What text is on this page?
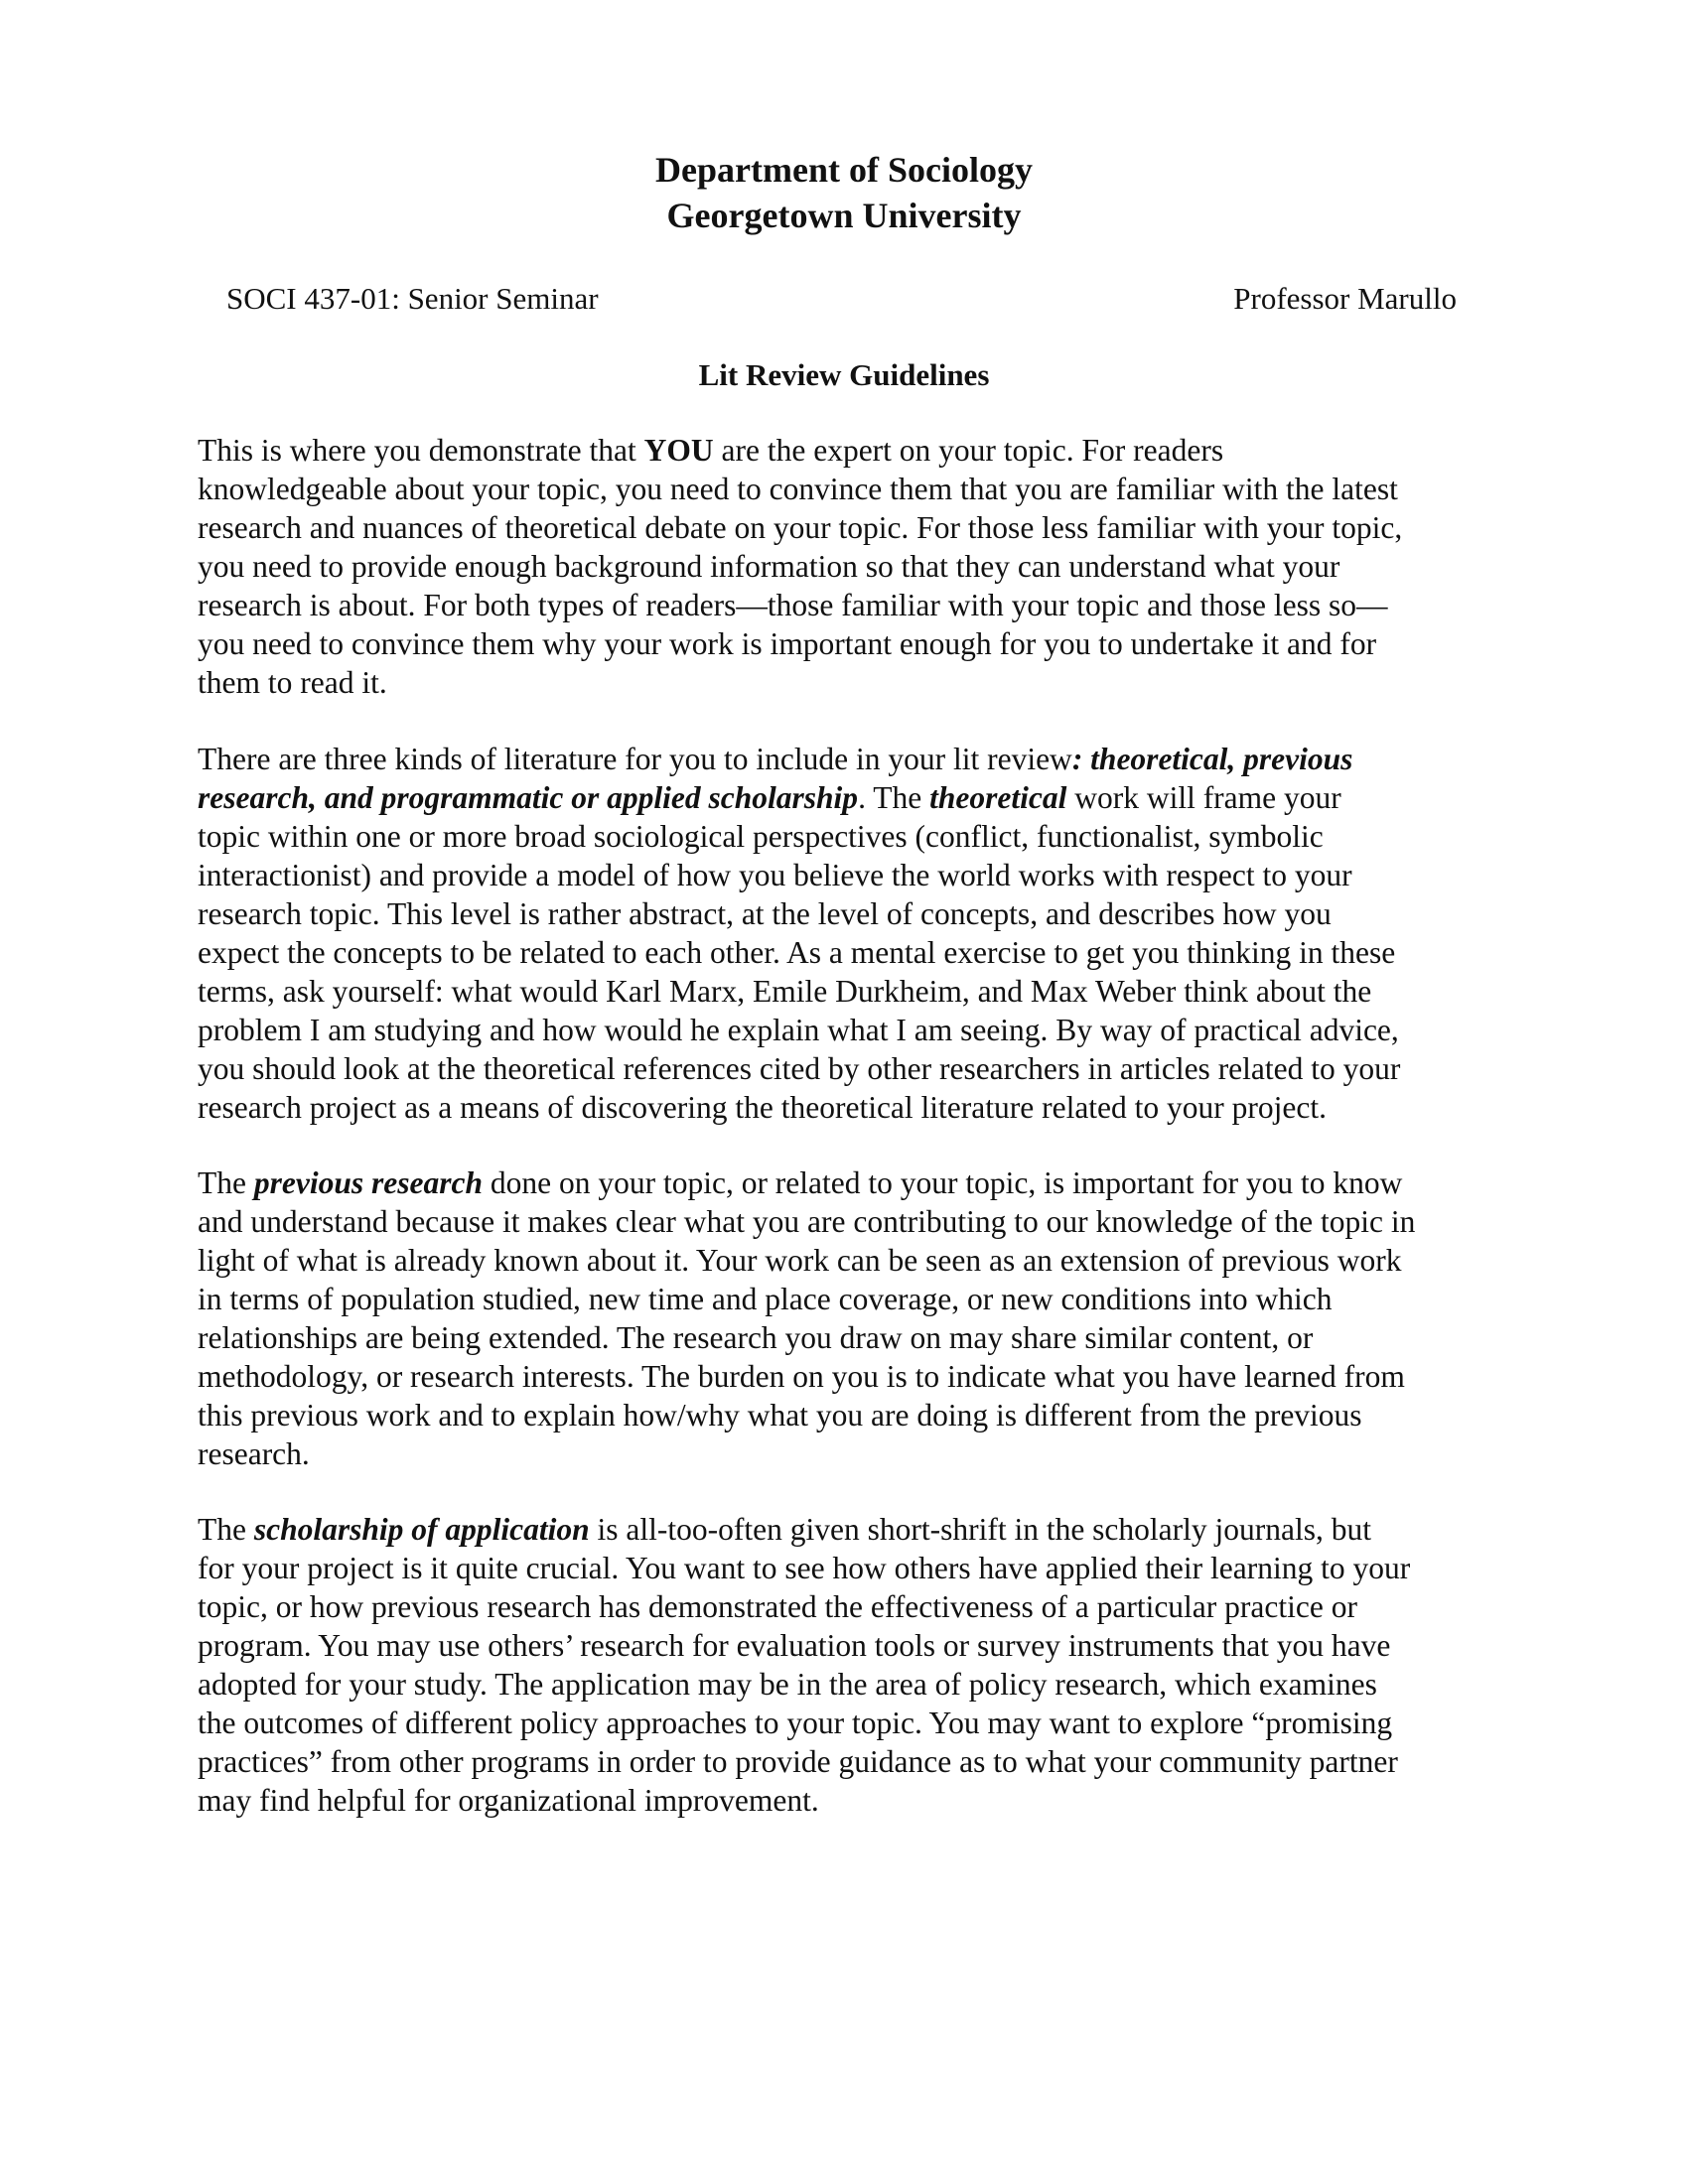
Department of Sociology
Georgetown University
SOCI 437-01: Senior Seminar	Professor Marullo
Lit Review Guidelines
This is where you demonstrate that YOU are the expert on your topic. For readers
knowledgeable about your topic, you need to convince them that you are familiar with the latest
research and nuances of theoretical debate on your topic. For those less familiar with your topic,
you need to provide enough background information so that they can understand what your
research is about. For both types of readers—those familiar with your topic and those less so—
you need to convince them why your work is important enough for you to undertake it and for
them to read it.
There are three kinds of literature for you to include in your lit review: theoretical, previous
research, and programmatic or applied scholarship. The theoretical work will frame your
topic within one or more broad sociological perspectives (conflict, functionalist, symbolic
interactionist) and provide a model of how you believe the world works with respect to your
research topic. This level is rather abstract, at the level of concepts, and describes how you
expect the concepts to be related to each other. As a mental exercise to get you thinking in these
terms, ask yourself: what would Karl Marx, Emile Durkheim, and Max Weber think about the
problem I am studying and how would he explain what I am seeing. By way of practical advice,
you should look at the theoretical references cited by other researchers in articles related to your
research project as a means of discovering the theoretical literature related to your project.
The previous research done on your topic, or related to your topic, is important for you to know
and understand because it makes clear what you are contributing to our knowledge of the topic in
light of what is already known about it. Your work can be seen as an extension of previous work
in terms of population studied, new time and place coverage, or new conditions into which
relationships are being extended. The research you draw on may share similar content, or
methodology, or research interests. The burden on you is to indicate what you have learned from
this previous work and to explain how/why what you are doing is different from the previous
research.
The scholarship of application is all-too-often given short-shrift in the scholarly journals, but
for your project is it quite crucial. You want to see how others have applied their learning to your
topic, or how previous research has demonstrated the effectiveness of a particular practice or
program. You may use others’ research for evaluation tools or survey instruments that you have
adopted for your study. The application may be in the area of policy research, which examines
the outcomes of different policy approaches to your topic. You may want to explore “promising
practices” from other programs in order to provide guidance as to what your community partner
may find helpful for organizational improvement.
